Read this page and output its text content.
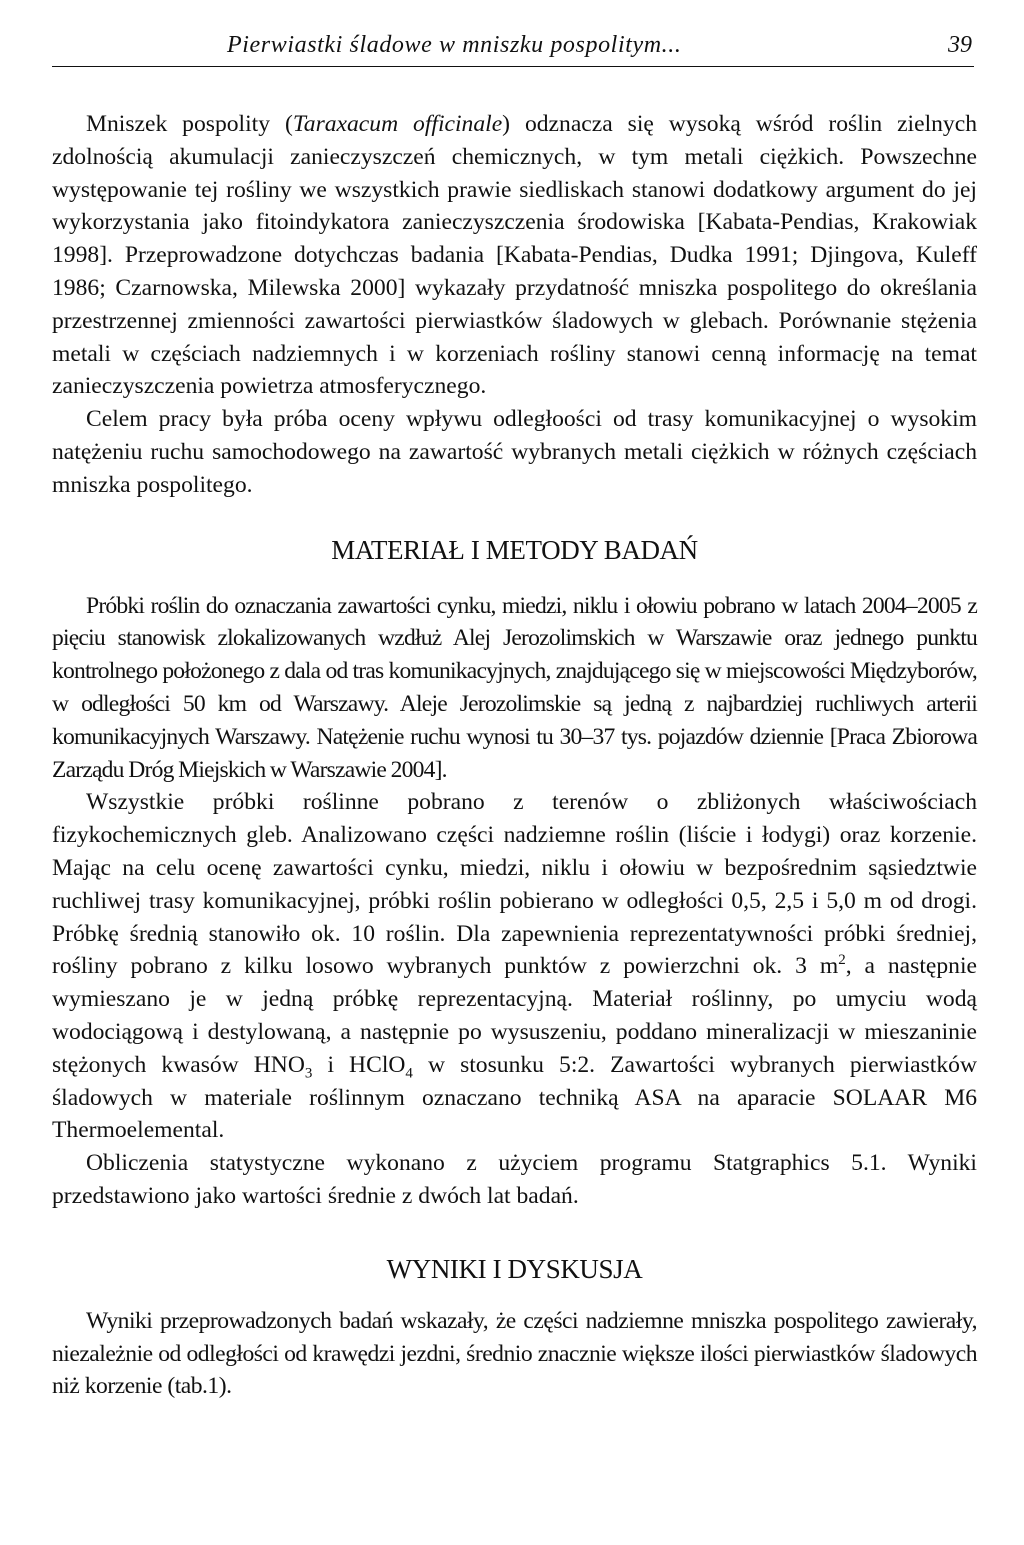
Pierwiastki śladowe w mniszku pospolitym...	39

Mniszek pospolity (Taraxacum officinale) odznacza się wysoką wśród roślin zielnych zdolnością akumulacji zanieczyszczeń chemicznych, w tym metali ciężkich. Powszechne występowanie tej rośliny we wszystkich prawie siedliskach stanowi dodatkowy argument do jej wykorzystania jako fitoindykatora zanieczyszczenia środowiska [Kabata-Pendias, Krakowiak 1998]. Przeprowadzone dotychczas badania [Kabata-Pendias, Dudka 1991; Djingova, Kuleff 1986; Czarnowska, Milewska 2000] wykazały przydatność mniszka pospolitego do określania przestrzennej zmienności zawartości pierwiastków śladowych w glebach. Porównanie stężenia metali w częściach nadziemnych i w korzeniach rośliny stanowi cenną informację na temat zanieczyszczenia powietrza atmosferycznego.

Celem pracy była próba oceny wpływu odległoości od trasy komunikacyjnej o wysokim natężeniu ruchu samochodowego na zawartość wybranych metali ciężkich w różnych częściach mniszka pospolitego.

MATERIAŁ I METODY BADAŃ

Próbki roślin do oznaczania zawartości cynku, miedzi, niklu i ołowiu pobrano w latach 2004–2005 z pięciu stanowisk zlokalizowanych wzdłuż Alej Jerozolimskich w Warszawie oraz jednego punktu kontrolnego położonego z dala od tras komunikacyjnych, znajdującego się w miejscowości Międzyborów, w odległości 50 km od Warszawy. Aleje Jerozolimskie są jedną z najbardziej ruchliwych arterii komunikacyjnych Warszawy. Natężenie ruchu wynosi tu 30–37 tys. pojazdów dziennie [Praca Zbiorowa Zarządu Dróg Miejskich w Warszawie 2004].

Wszystkie próbki roślinne pobrano z terenów o zbliżonych właściwościach fizykochemicznych gleb. Analizowano części nadziemne roślin (liście i łodygi) oraz korzenie. Mając na celu ocenę zawartości cynku, miedzi, niklu i ołowiu w bezpośrednim sąsiedztwie ruchliwej trasy komunikacyjnej, próbki roślin pobierano w odległości 0,5, 2,5 i 5,0 m od drogi. Próbkę średnią stanowiło ok. 10 roślin. Dla zapewnienia reprezentatywności próbki średniej, rośliny pobrano z kilku losowo wybranych punktów z powierzchni ok. 3 $m^2$, a następnie wymieszano je w jedną próbkę reprezentacyjną. Materiał roślinny, po umyciu wodą wodociągową i destylowaną, a następnie po wysuszeniu, poddano mineralizacji w mieszaninie stężonych kwasów $HNO_3$ i HClO$_4$ w stosunku 5:2. Zawartości wybranych pierwiastków śladowych w materiale roślinnym oznaczano techniką ASA na aparacie SOLAAR M6 Thermoelemental.

Obliczenia statystyczne wykonano z użyciem programu Statgraphics 5.1. Wyniki przedstawiono jako wartości średnie z dwóch lat badań.

WYNIKI I DYSKUSJA

Wyniki przeprowadzonych badań wskazały, że części nadziemne mniszka pospolitego zawierały, niezależnie od odległości od krawędzi jezdni, średnio znacznie większe ilości pierwiastków śladowych niż korzenie (tab.1).
